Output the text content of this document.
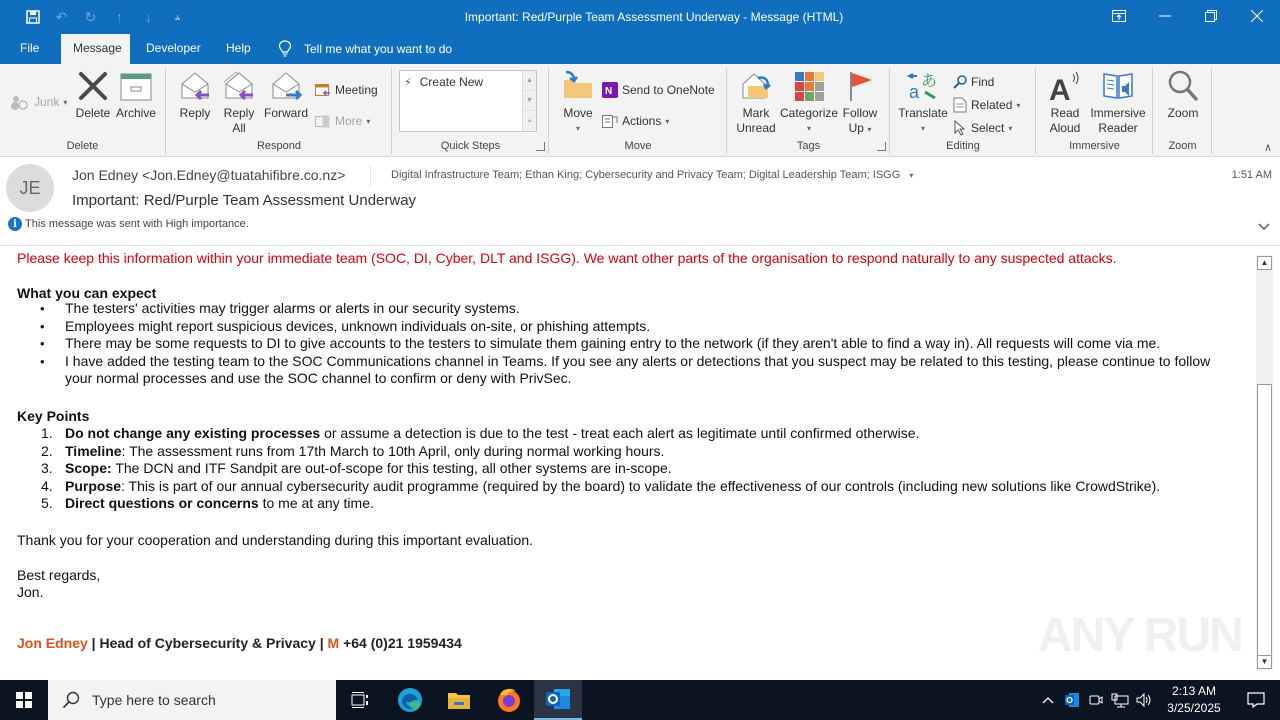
↶	↻	↑	↓	⫨	Important: Red/Purple Team Assessment Underway - Message (HTML)
File	Message	Developer	Help	Tell me what you want to do
Junk ▾
Delete Archive
Delete
Reply Reply
All
Forward
Meeting
More ▾
Respond
⚡ Create New	▲
▼
⫨
Quick Steps
Move
▾
N Send to OneNote
Actions ▾
Move
Mark
Unread
Categorize
▾
Follow
Up ▾
Tags
a
あ
Translate
▾
Find
Related ▾
Select ▾
Editing
A
Read
Aloud
Immersive
Reader
Immersive
Zoom
Zoom	∧
JE
Jon Edney <Jon.Edney@tuatahifibre.co.nz>	Digital Infrastructure Team; Ethan King; Cybersecurity and Privacy Team; Digital Leadership Team; ISGG ▾	1:51 AM
Important: Red/Purple Team Assessment Underway
i This message was sent with High importance.

Please keep this information within your immediate team (SOC, DI, Cyber, DLT and ISGG). We want other parts of the organisation to respond naturally to any suspected attacks.

What you can expect

• The testers' activities may trigger alarms or alerts in our security systems.
• Employees might report suspicious devices, unknown individuals on-site, or phishing attempts.
• There may be some requests to DI to give accounts to the testers to simulate them gaining entry to the network (if they aren't able to find a way in). All requests will come via me.
• I have added the testing team to the SOC Communications channel in Teams. If you see any alerts or detections that you suspect may be related to this testing, please continue to follow your normal processes and use the SOC channel to confirm or deny with PrivSec.

Key Points

1. Do not change any existing processes or assume a detection is due to the test - treat each alert as legitimate until confirmed otherwise.
2. Timeline: The assessment runs from 17th March to 10th April, only during normal working hours.
3. Scope: The DCN and ITF Sandpit are out-of-scope for this testing, all other systems are in-scope.
4. Purpose: This is part of our annual cybersecurity audit programme (required by the board) to validate the effectiveness of our controls (including new solutions like CrowdStrike).
5. Direct questions or concerns to me at any time.

Thank you for your cooperation and understanding during this important evaluation.

Best regards,

Jon.

Jon Edney | Head of Cybersecurity & Privacy | M +64 (0)21 1959434	ANY RUN
▲
▼
Type here to search
2:13 AM
3/25/2025
